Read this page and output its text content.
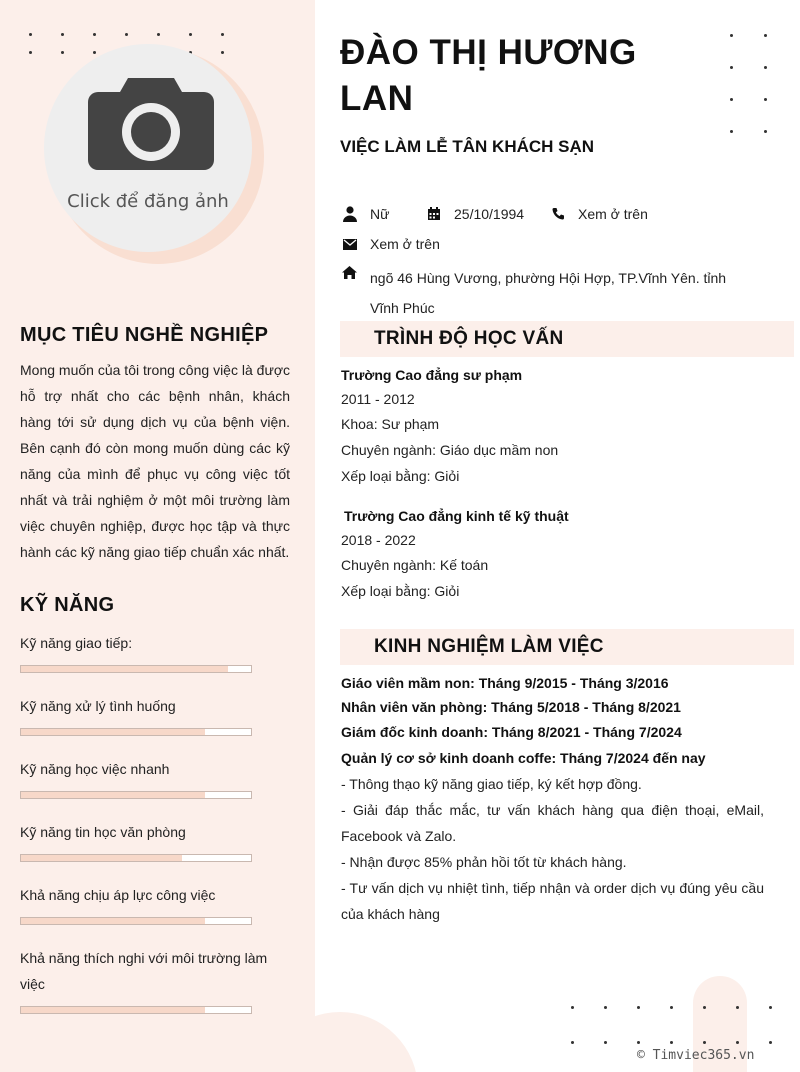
Click để đăng ảnh
MỤC TIÊU NGHỀ NGHIỆP
Mong muốn của tôi trong công việc là được hỗ trợ nhất cho các bệnh nhân, khách hàng tới sử dụng dịch vụ của bệnh viện. Bên cạnh đó còn mong muốn dùng các kỹ năng của mình để phục vụ công việc tốt nhất và trải nghiệm ở một môi trường làm việc chuyên nghiệp, được học tập và thực hành các kỹ năng giao tiếp chuẩn xác nhất.
KỸ NĂNG
Kỹ năng giao tiếp:
Kỹ năng xử lý tình huống
Kỹ năng học việc nhanh
Kỹ năng tin học văn phòng
Khả năng chịu áp lực công việc
Khả năng thích nghi với môi trường làm việc
ĐÀO THỊ HƯƠNG LAN
VIỆC LÀM LỄ TÂN KHÁCH SẠN
Nữ	25/10/1994	Xem ở trên
Xem ở trên
ngõ 46 Hùng Vương, phường Hội Hợp, TP.Vĩnh Yên. tỉnh Vĩnh Phúc
TRÌNH ĐỘ HỌC VẤN
Trường Cao đẳng sư phạm
2011 - 2012
Khoa: Sư phạm
Chuyên ngành: Giáo dục mầm non
Xếp loại bằng: Giỏi
Trường Cao đẳng kinh tế kỹ thuật
2018 - 2022
Chuyên ngành: Kế toán
Xếp loại bằng: Giỏi
KINH NGHIỆM LÀM VIỆC
Giáo viên mầm non: Tháng 9/2015 - Tháng 3/2016
Nhân viên văn phòng: Tháng 5/2018 - Tháng 8/2021
Giám đốc kinh doanh: Tháng 8/2021 - Tháng 7/2024
Quản lý cơ sở kinh doanh coffe: Tháng 7/2024 đến nay
- Thông thạo kỹ năng giao tiếp, ký kết hợp đồng.
- Giải đáp thắc mắc, tư vấn khách hàng qua điện thoại, eMail, Facebook và Zalo.
- Nhận được 85% phản hồi tốt từ khách hàng.
- Tư vấn dịch vụ nhiệt tình, tiếp nhận và order dịch vụ đúng yêu cầu của khách hàng
© Timviec365.vn
